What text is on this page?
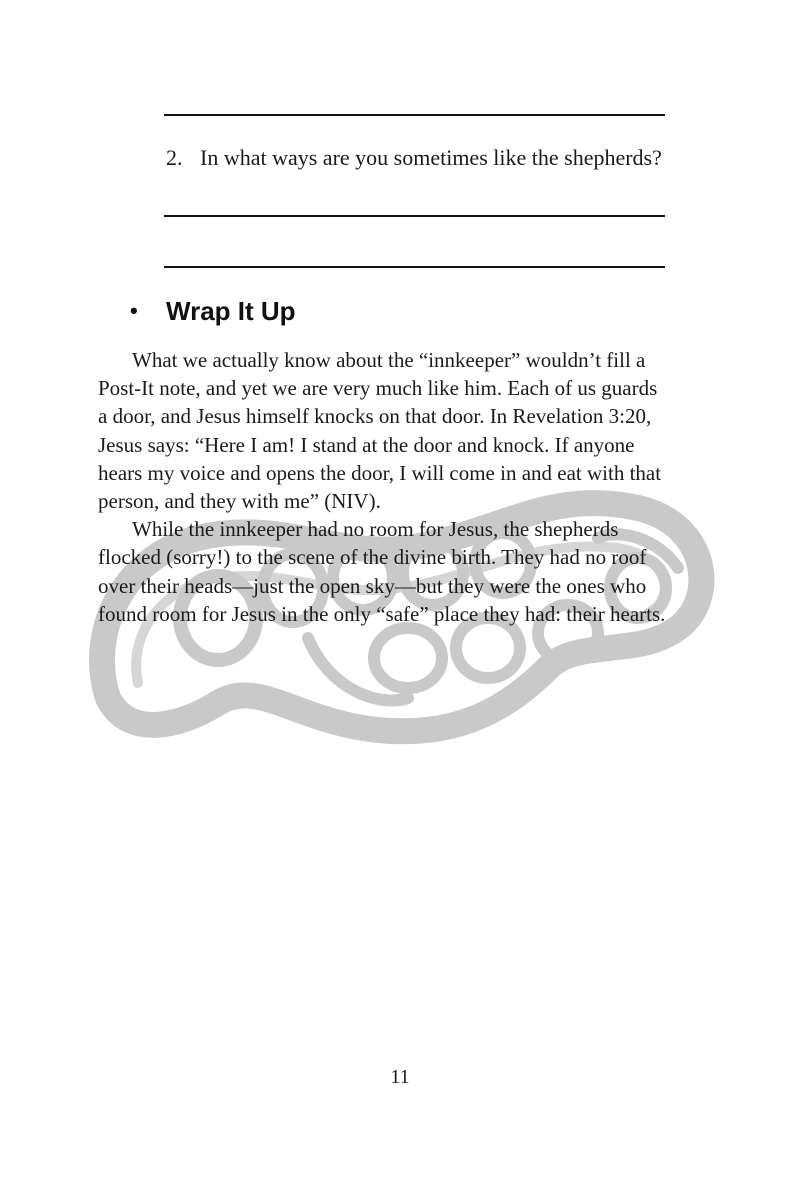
2. In what ways are you sometimes like the shepherds?
• Wrap It Up
What we actually know about the “innkeeper” wouldn’t fill a
Post-It note, and yet we are very much like him. Each of us guards
a door, and Jesus himself knocks on that door. In Revelation 3:20,
Jesus says: “Here I am! I stand at the door and knock. If anyone
hears my voice and opens the door, I will come in and eat with that
person, and they with me” (NIV).
While the innkeeper had no room for Jesus, the shepherds
flocked (sorry!) to the scene of the divine birth. They had no roof
over their heads—just the open sky—but they were the ones who
found room for Jesus in the only “safe” place they had: their hearts.
11
